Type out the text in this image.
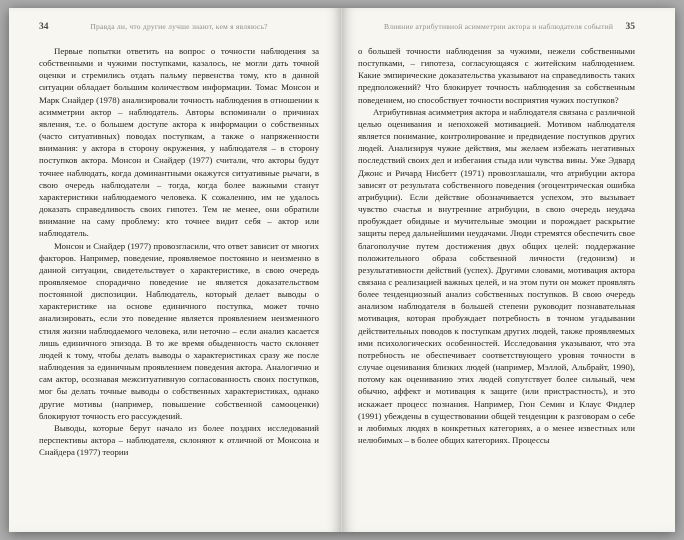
34	Правда ли, что другие лучше знают, кем я являюсь?

Первые попытки ответить на вопрос о точности наблюдения за собственными и чужими поступками, казалось, не могли дать точной оценки и стремились отдать пальму первенства тому, кто в данной ситуации обладает большим количеством информации. Томас Монсон и Марк Снайдер (1978) анализировали точность наблюдения в отношении к асимметрии актор – наблюдатель. Авторы вспоминали о причинах явления, т.е. о большем доступе актора к информации о собственных (часто ситуативных) поводах поступкам, а также о напряженности внимания: у актора в сторону окружения, у наблюдателя – в сторону поступков актора. Монсон и Снайдер (1977) считали, что акторы будут точнее наблюдать, когда доминантными окажутся ситуативные рычаги, в свою очередь наблюдатели – тогда, когда более важными станут характеристики наблюдаемого человека. К сожалению, им не удалось доказать справедливость своих гипотез. Тем не менее, они обратили внимание на саму проблему: кто точнее видит себя – актор или наблюдатель.

Монсон и Снайдер (1977) провозгласили, что ответ зависит от многих факторов. Например, поведение, проявляемое постоянно и неизменно в данной ситуации, свидетельствует о характеристике, в свою очередь проявляемое спорадично поведение не является доказательством постоянной диспозиции. Наблюдатель, который делает выводы о характеристике на основе единичного поступка, может точно анализировать, если это поведение является проявлением неизменного стиля жизни наблюдаемого человека, или неточно – если анализ касается лишь единичного эпизода. В то же время обыденность часто склоняет людей к тому, чтобы делать выводы о характеристиках сразу же после наблюдения за единичным проявлением поведения актора. Аналогично и сам актор, осознавая межситуативную согласованность своих поступков, мог бы делать точные выводы о собственных характеристиках, однако другие мотивы (например, повышение собственной самооценки) блокируют точность его рассуждений.

Выводы, которые берут начало из более поздних исследований перспективы актора – наблюдателя, склоняют к отличной от Монсона и Снайдера (1977) теории

Влияние атрибутивной асимметрии актора и наблюдателя событий	35

о большей точности наблюдения за чужими, нежели собственными поступками, – гипотеза, согласующаяся с житейским наблюдением. Какие эмпирические доказательства указывают на справедливость таких предположений? Что блокирует точность наблюдения за собственным поведением, но способствует точности восприятия чужих поступков?

Атрибутивная асимметрия актора и наблюдателя связана с различной целью оценивания и непохожей мотивацией. Мотивом наблюдателя является понимание, контролирование и предвидение поступков других людей. Анализируя чужие действия, мы желаем избежать негативных последствий своих дел и избегания стыда или чувства вины. Уже Эдвард Джонс и Ричард Нисбетт (1971) провозглашали, что атрибуции актора зависят от результата собственного поведения (эгоцентрическая ошибка атрибуции). Если действие обозначивается успехом, это вызывает чувство счастья и внутренние атрибуции, в свою очередь неудача пробуждает обидные и мучительные эмоции и порождает раскрытие защиты перед дальнейшими неудачами. Люди стремятся обеспечить свое благополучие путем достижения двух общих целей: поддержание положительного образа собственной личности (гедонизм) и результативности действий (успех). Другими словами, мотивация актора связана с реализацией важных целей, и на этом пути он может проявлять более тенденциозный анализ собственных поступков. В свою очередь анализом наблюдателя в большей степени руководит познавательная мотивация, которая пробуждает потребность в точном угадывании действительных поводов к поступкам других людей, также проявляемых ими психологических особенностей. Исследования указывают, что эта потребность не обеспечивает соответствующего уровня точности в случае оценивания близких людей (например, Мэллой, Альбрайт, 1990), потому как оцениванию этих людей сопутствует более сильный, чем обычно, аффект и мотивация к защите (или пристрастность), и это искажает процесс познания. Например, Гюн Семин и Клаус Фидлер (1991) убеждены в существовании общей тенденции к разговорам о себе и любимых людях в конкретных категориях, а о менее известных или нелюбимых – в более общих категориях. Процессы
